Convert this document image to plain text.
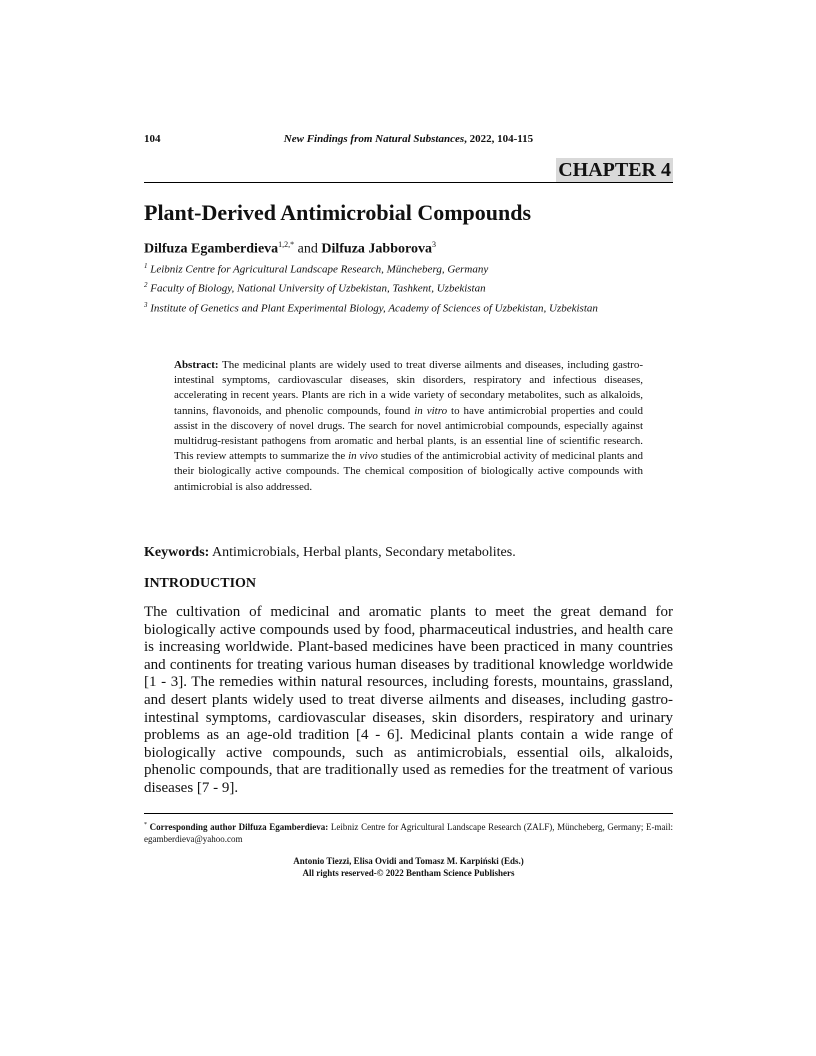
104	New Findings from Natural Substances, 2022, 104-115
CHAPTER 4
Plant-Derived Antimicrobial Compounds
Dilfuza Egamberdieva$^{1,2,*}$ and Dilfuza Jabborova$^3$
$^1$ Leibniz Centre for Agricultural Landscape Research, Müncheberg, Germany
$^2$ Faculty of Biology, National University of Uzbekistan, Tashkent, Uzbekistan
$^3$ Institute of Genetics and Plant Experimental Biology, Academy of Sciences of Uzbekistan, Uzbekistan
Abstract: The medicinal plants are widely used to treat diverse ailments and diseases, including gastro-intestinal symptoms, cardiovascular diseases, skin disorders, respiratory and infectious diseases, accelerating in recent years. Plants are rich in a wide variety of secondary metabolites, such as alkaloids, tannins, flavonoids, and phenolic compounds, found in vitro to have antimicrobial properties and could assist in the discovery of novel drugs. The search for novel antimicrobial compounds, especially against multidrug-resistant pathogens from aromatic and herbal plants, is an essential line of scientific research. This review attempts to summarize the in vivo studies of the antimicrobial activity of medicinal plants and their biologically active compounds. The chemical composition of biologically active compounds with antimicrobial is also addressed.
Keywords: Antimicrobials, Herbal plants, Secondary metabolites.
INTRODUCTION

The cultivation of medicinal and aromatic plants to meet the great demand for biologically active compounds used by food, pharmaceutical industries, and health care is increasing worldwide. Plant-based medicines have been practiced in many countries and continents for treating various human diseases by traditional knowledge worldwide [1 - 3]. The remedies within natural resources, including forests, mountains, grassland, and desert plants widely used to treat diverse ailments and diseases, including gastro-intestinal symptoms, cardiovascular diseases, skin disorders, respiratory and urinary problems as an age-old tradition [4 - 6]. Medicinal plants contain a wide range of biologically active compounds, such as antimicrobials, essential oils, alkaloids, phenolic compounds, that are traditionally used as remedies for the treatment of various diseases [7 - 9].

* Corresponding author Dilfuza Egamberdieva: Leibniz Centre for Agricultural Landscape Research (ZALF), Müncheberg, Germany; E-mail: egamberdieva@yahoo.com
Antonio Tiezzi, Elisa Ovidi and Tomasz M. Karpiński (Eds.)
All rights reserved-© 2022 Bentham Science Publishers
